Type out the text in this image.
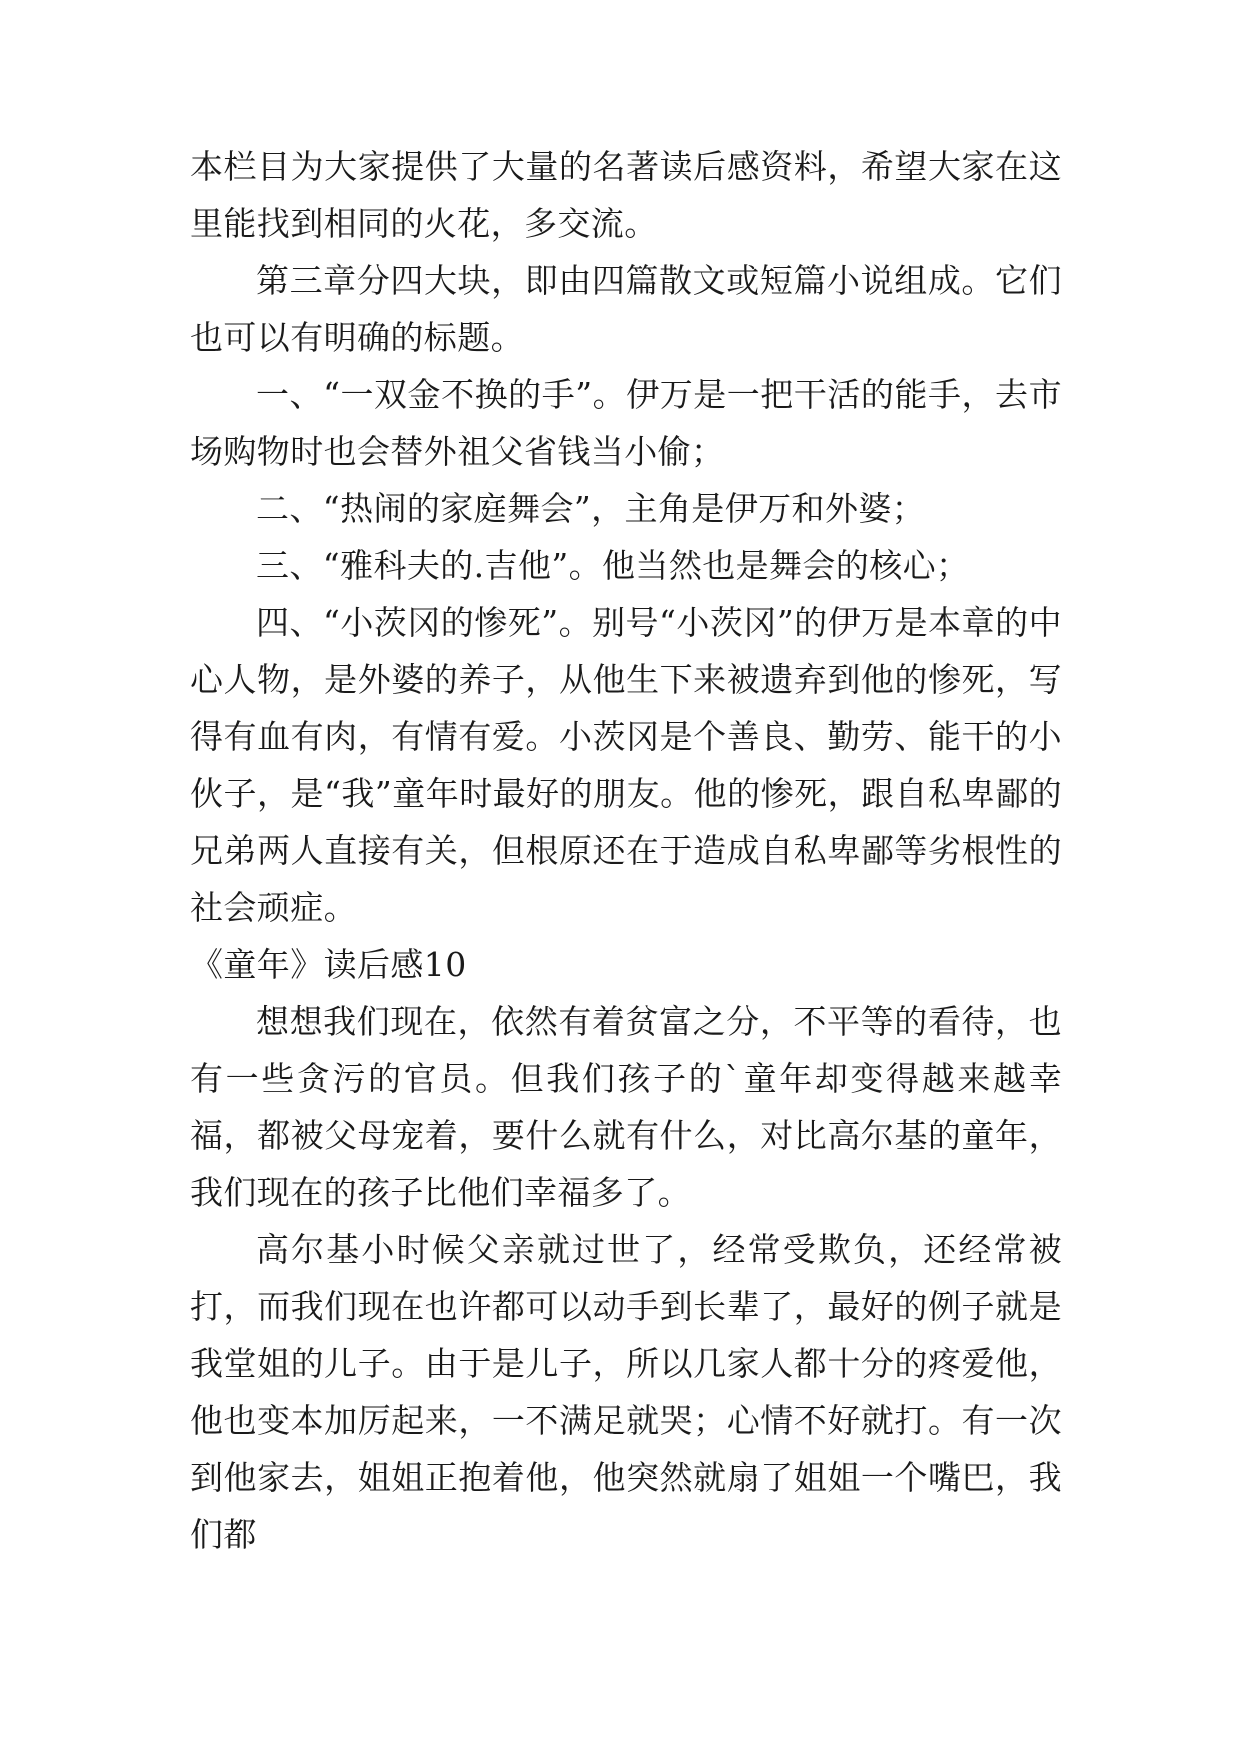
本栏目为大家提供了大量的名著读后感资料，希望大家在这里能找到相同的火花，多交流。

第三章分四大块，即由四篇散文或短篇小说组成。它们也可以有明确的标题。

一、“一双金不换的手”。伊万是一把干活的能手，去市场购物时也会替外祖父省钱当小偷；

二、“热闹的家庭舞会”，主角是伊万和外婆；

三、“雅科夫的.吉他”。他当然也是舞会的核心；

四、“小茨冈的惨死”。别号“小茨冈”的伊万是本章的中心人物，是外婆的养子，从他生下来被遗弃到他的惨死，写得有血有肉，有情有爱。小茨冈是个善良、勤劳、能干的小伙子，是“我”童年时最好的朋友。他的惨死，跟自私卑鄙的兄弟两人直接有关，但根原还在于造成自私卑鄙等劣根性的社会顽症。

《童年》读后感10

想想我们现在，依然有着贫富之分，不平等的看待，也有一些贪污的官员。但我们孩子的`童年却变得越来越幸福，都被父母宠着，要什么就有什么，对比高尔基的童年，我们现在的孩子比他们幸福多了。

高尔基小时候父亲就过世了，经常受欺负，还经常被打，而我们现在也许都可以动手到长辈了，最好的例子就是我堂姐的儿子。由于是儿子，所以几家人都十分的疼爱他，他也变本加厉起来，一不满足就哭；心情不好就打。有一次到他家去，姐姐正抱着他，他突然就扇了姐姐一个嘴巴，我们都
